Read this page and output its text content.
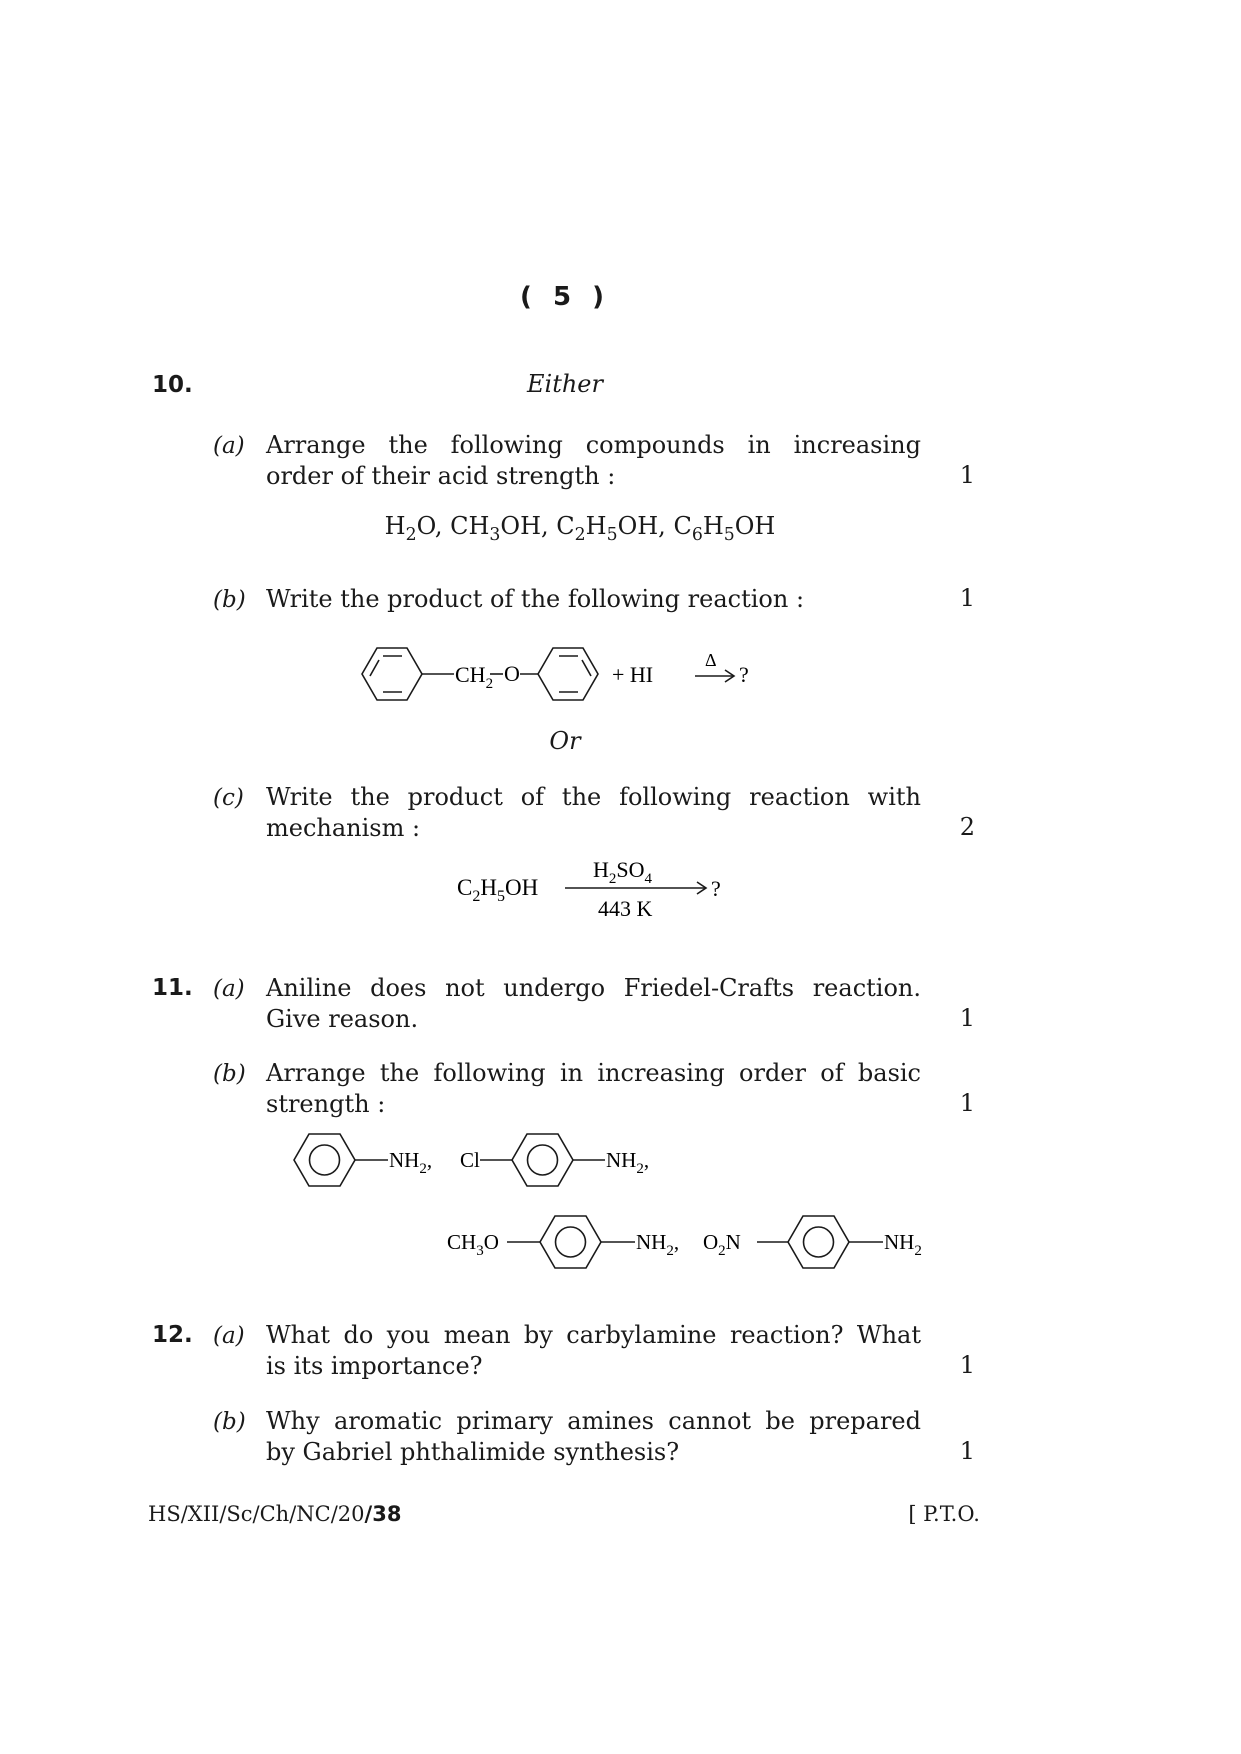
( 5 )
10.	Either
(a) Arrange the following compounds in increasing
order of their acid strength :	1
$H_2O$, $CH_3OH$, $C_2H_5OH$, $C_6H_5OH$
(b) Write the product of the following reaction :	1
$CH_2$ O	+ HI
Δ
?
Or
(c) Write the product of the following reaction with
mechanism :	2
$C_2H_5OH$
$H_2SO_4$
443 K
?
11. (a) Aniline does not undergo Friedel-Crafts reaction.
Give reason.	1
(b) Arrange the following in increasing order of basic
strength :	1
$NH_2$, Cl	$NH_2$,
$CH_3O$	$NH_2$, $O_2N$	$NH_2$
12. (a) What do you mean by carbylamine reaction? What
is its importance?	1
(b) Why aromatic primary amines cannot be prepared
by Gabriel phthalimide synthesis?	1
HS/XII/Sc/Ch/NC/20/38	[ P.T.O.
